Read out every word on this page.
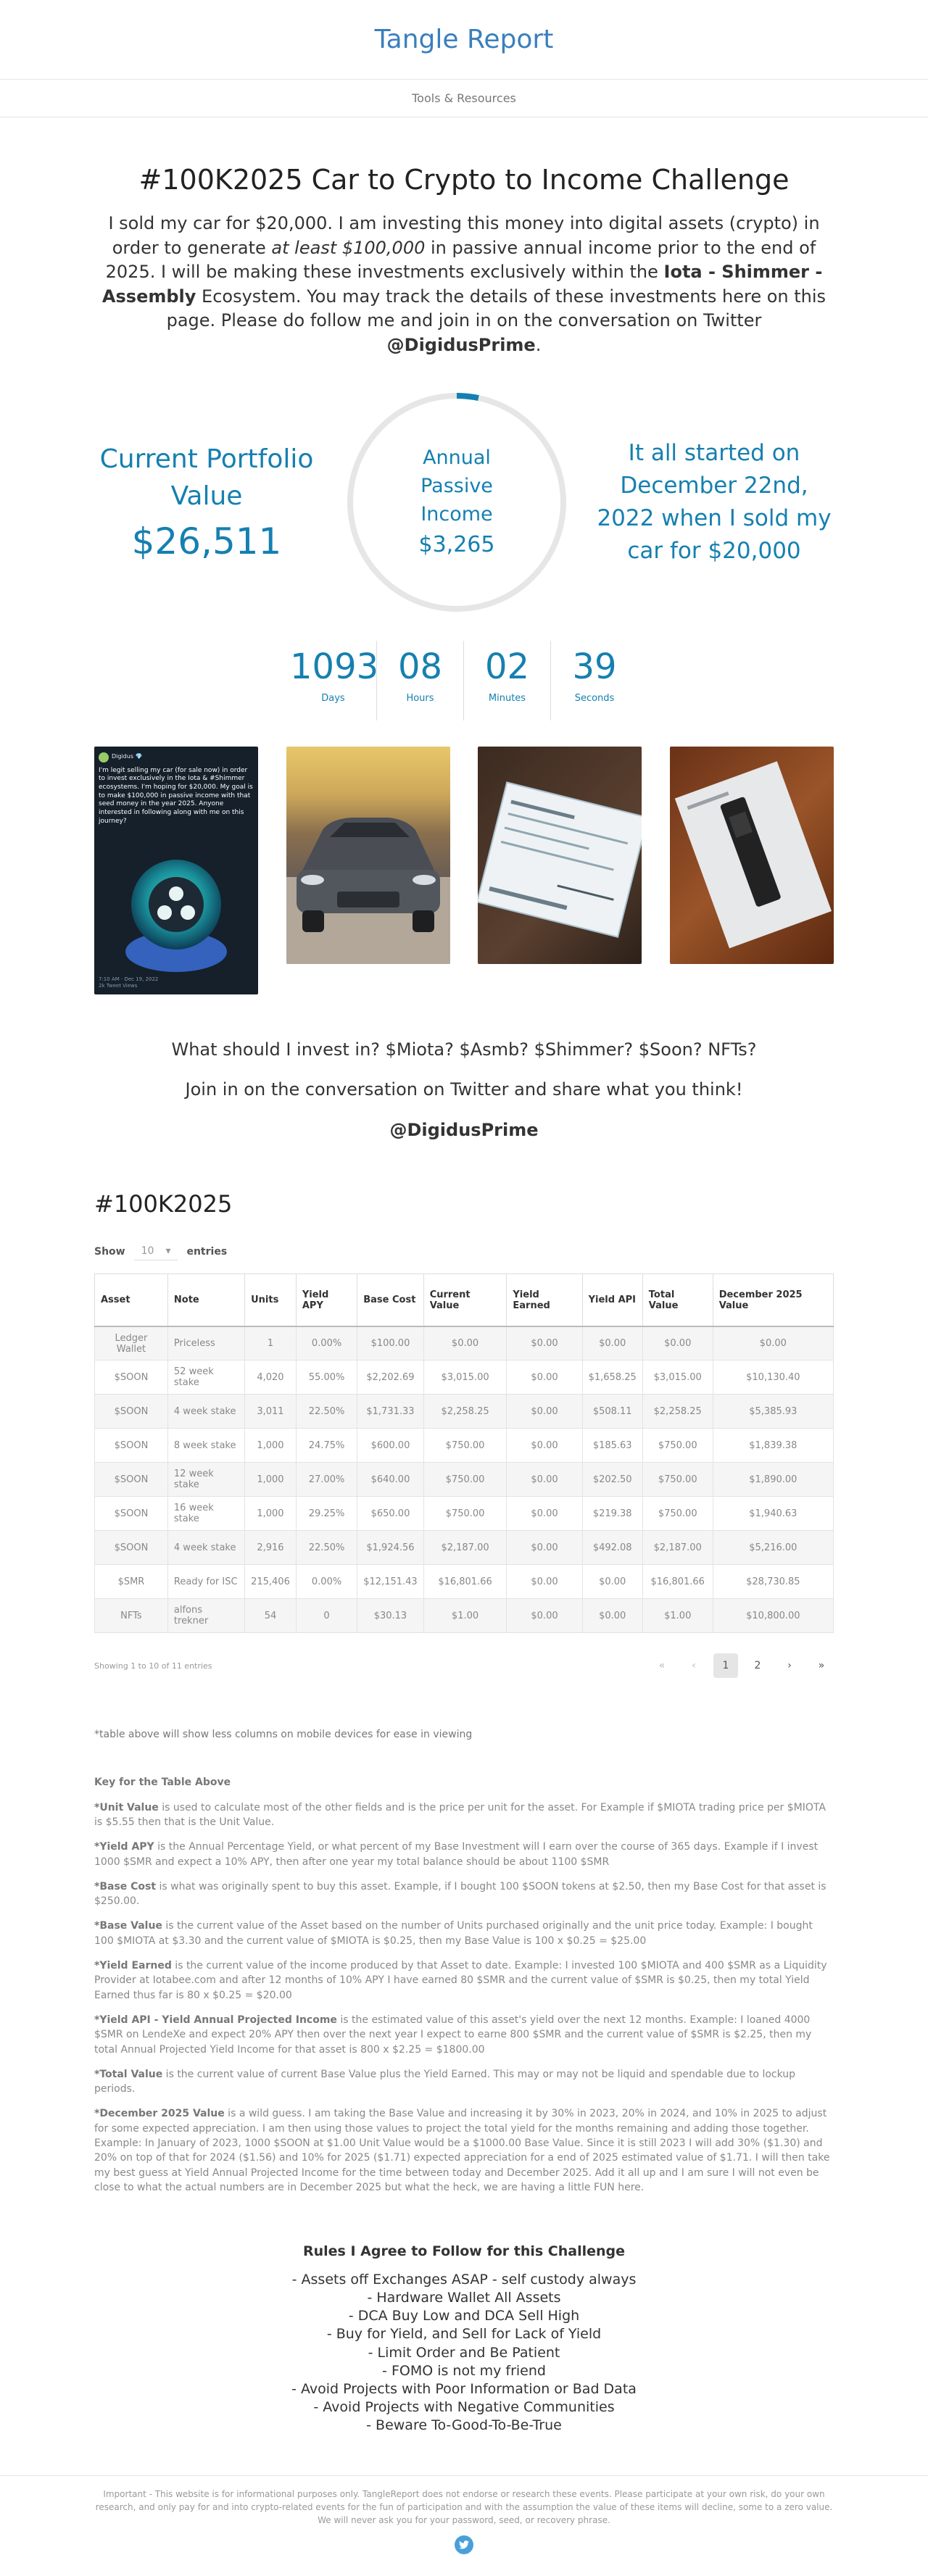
Tangle Report
Tools & Resources
#100K2025 Car to Crypto to Income Challenge

I sold my car for $20,000. I am investing this money into digital assets (crypto) in order to generate at least $100,000 in passive annual income prior to the end of 2025. I will be making these investments exclusively within the Iota - Shimmer - Assembly Ecosystem. You may track the details of these investments here on this page. Please do follow me and join in on the conversation on Twitter @DigidusPrime.

Current Portfolio Value
$26,511
Annual Passive Income
$3,265
It all started on December 22nd, 2022 when I sold my car for $20,000
1093
Days
08
Hours
02
Minutes
39
Seconds
Digidus 💎
I'm legit selling my car (for sale now) in order to invest exclusively in the Iota & #Shimmer ecosystems. I'm hoping for $20,000. My goal is to make $100,000 in passive income with that seed money in the year 2025. Anyone interested in following along with me on this journey?
7:10 AM · Dec 19, 2022
2k Tweet Views

What should I invest in? $Miota? $Asmb? $Shimmer? $Soon? NFTs?

Join in on the conversation on Twitter and share what you think!

@DigidusPrime

#100K2025
Show 10 ▾ entries
Asset	Note	Units	Yield APY	Base Cost	Current Value	Yield Earned	Yield API	Total Value	December 2025 Value
Ledger Wallet	Priceless	1	0.00%	$100.00	$0.00	$0.00	$0.00	$0.00	$0.00
$SOON	52 week stake	4,020	55.00%	$2,202.69	$3,015.00	$0.00	$1,658.25	$3,015.00	$10,130.40
$SOON	4 week stake	3,011	22.50%	$1,731.33	$2,258.25	$0.00	$508.11	$2,258.25	$5,385.93
$SOON	8 week stake	1,000	24.75%	$600.00	$750.00	$0.00	$185.63	$750.00	$1,839.38
$SOON	12 week stake	1,000	27.00%	$640.00	$750.00	$0.00	$202.50	$750.00	$1,890.00
$SOON	16 week stake	1,000	29.25%	$650.00	$750.00	$0.00	$219.38	$750.00	$1,940.63
$SOON	4 week stake	2,916	22.50%	$1,924.56	$2,187.00	$0.00	$492.08	$2,187.00	$5,216.00
$SMR	Ready for ISC	215,406	0.00%	$12,151.43	$16,801.66	$0.00	$0.00	$16,801.66	$28,730.85
NFTs	alfons trekner	54	0	$30.13	$1.00	$0.00	$0.00	$1.00	$10,800.00
Showing 1 to 10 of 11 entries	«	‹	1	2	›	»

*table above will show less columns on mobile devices for ease in viewing

Key for the Table Above

*Unit Value is used to calculate most of the other fields and is the price per unit for the asset. For Example if $MIOTA trading price per $MIOTA is $5.55 then that is the Unit Value.

*Yield APY is the Annual Percentage Yield, or what percent of my Base Investment will I earn over the course of 365 days. Example if I invest 1000 $SMR and expect a 10% APY, then after one year my total balance should be about 1100 $SMR

*Base Cost is what was originally spent to buy this asset. Example, if I bought 100 $SOON tokens at $2.50, then my Base Cost for that asset is $250.00.

*Base Value is the current value of the Asset based on the number of Units purchased originally and the unit price today. Example: I bought 100 $MIOTA at $3.30 and the current value of $MIOTA is $0.25, then my Base Value is 100 x $0.25 = $25.00

*Yield Earned is the current value of the income produced by that Asset to date. Example: I invested 100 $MIOTA and 400 $SMR as a Liquidity Provider at Iotabee.com and after 12 months of 10% APY I have earned 80 $SMR and the current value of $SMR is $0.25, then my total Yield Earned thus far is 80 x $0.25 = $20.00

*Yield API - Yield Annual Projected Income is the estimated value of this asset's yield over the next 12 months. Example: I loaned 4000 $SMR on LendeXe and expect 20% APY then over the next year I expect to earne 800 $SMR and the current value of $SMR is $2.25, then my total Annual Projected Yield Income for that asset is 800 x $2.25 = $1800.00

*Total Value is the current value of current Base Value plus the Yield Earned. This may or may not be liquid and spendable due to lockup periods.

*December 2025 Value is a wild guess. I am taking the Base Value and increasing it by 30% in 2023, 20% in 2024, and 10% in 2025 to adjust for some expected appreciation. I am then using those values to project the total yield for the months remaining and adding those together. Example: In January of 2023, 1000 $SOON at $1.00 Unit Value would be a $1000.00 Base Value. Since it is still 2023 I will add 30% ($1.30) and 20% on top of that for 2024 ($1.56) and 10% for 2025 ($1.71) expected appreciation for a end of 2025 estimated value of $1.71. I will then take my best guess at Yield Annual Projected Income for the time between today and December 2025. Add it all up and I am sure I will not even be close to what the actual numbers are in December 2025 but what the heck, we are having a little FUN here.

Rules I Agree to Follow for this Challenge
- Assets off Exchanges ASAP - self custody always
- Hardware Wallet All Assets
- DCA Buy Low and DCA Sell High
- Buy for Yield, and Sell for Lack of Yield
- Limit Order and Be Patient
- FOMO is not my friend
- Avoid Projects with Poor Information or Bad Data
- Avoid Projects with Negative Communities
- Beware To-Good-To-Be-True
Important - This website is for informational purposes only. TangleReport does not endorse or research these events. Please participate at your own risk, do your own research, and only pay for and into crypto-related events for the fun of participation and with the assumption the value of these items will decline, some to a zero value. We will never ask you for your password, seed, or recovery phrase.
